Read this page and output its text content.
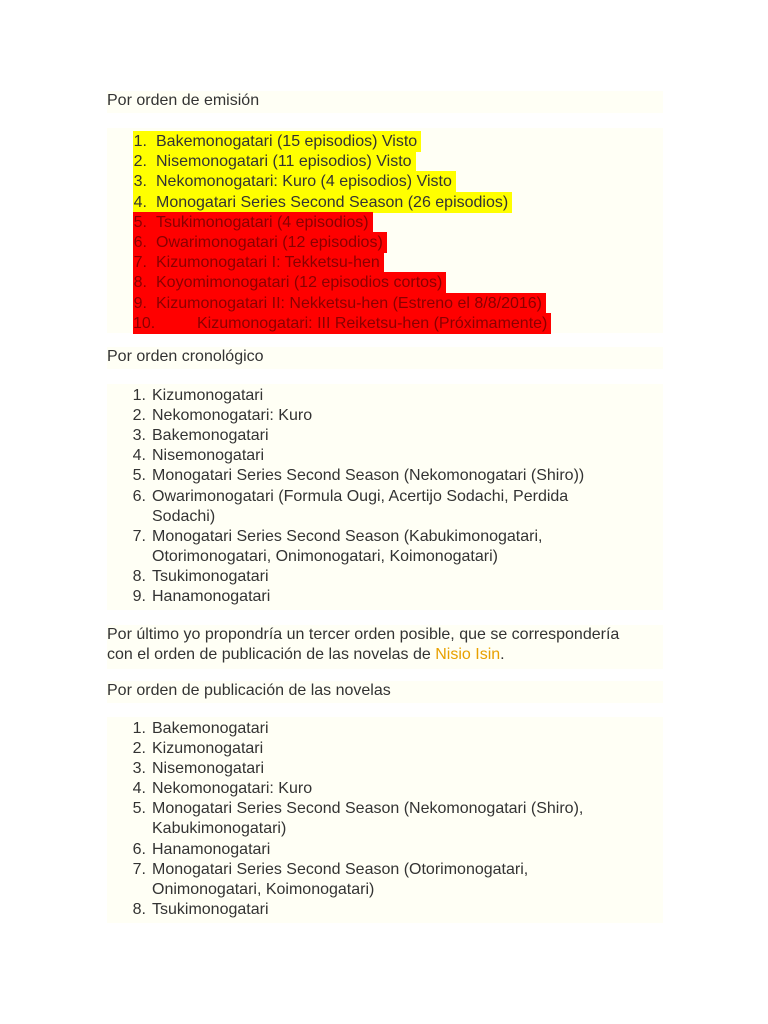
Por orden de emisión
1. Bakemonogatari (15 episodios) Visto
2. Nisemonogatari (11 episodios) Visto
3. Nekomonogatari: Kuro (4 episodios) Visto
4. Monogatari Series Second Season (26 episodios)
5. Tsukimonogatari (4 episodios)
6. Owarimonogatari (12 episodios)
7. Kizumonogatari I: Tekketsu-hen
8. Koyomimonogatari (12 episodios cortos)
9. Kizumonogatari II: Nekketsu-hen (Estreno el 8/8/2016)
10.	Kizumonogatari: III Reiketsu-hen (Próximamente)
Por orden cronológico
1. Kizumonogatari
2. Nekomonogatari: Kuro
3. Bakemonogatari
4. Nisemonogatari
5. Monogatari Series Second Season (Nekomonogatari (Shiro))
6. Owarimonogatari (Formula Ougi, Acertijo Sodachi, Perdida
Sodachi)
7. Monogatari Series Second Season (Kabukimonogatari,
Otorimonogatari, Onimonogatari, Koimonogatari)
8. Tsukimonogatari
9. Hanamonogatari
Por último yo propondría un tercer orden posible, que se correspondería
con el orden de publicación de las novelas de Nisio Isin.
Por orden de publicación de las novelas
1. Bakemonogatari
2. Kizumonogatari
3. Nisemonogatari
4. Nekomonogatari: Kuro
5. Monogatari Series Second Season (Nekomonogatari (Shiro),
Kabukimonogatari)
6. Hanamonogatari
7. Monogatari Series Second Season (Otorimonogatari,
Onimonogatari, Koimonogatari)
8. Tsukimonogatari
